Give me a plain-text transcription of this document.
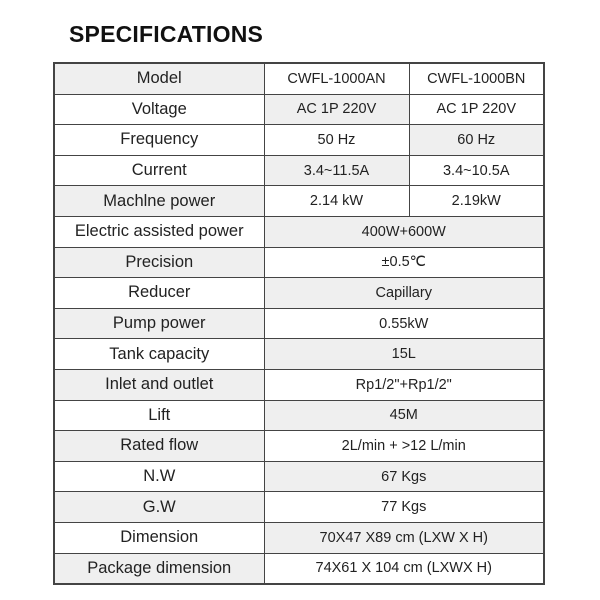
SPECIFICATIONS
Model	CWFL-1000AN	CWFL-1000BN
Voltage	AC 1P 220V	AC 1P 220V
Frequency	50 Hz	60 Hz
Current	3.4~11.5A	3.4~10.5A
Machlne power	2.14 kW	2.19kW
Electric assisted power	400W+600W	
Precision	±0.5℃	
Reducer	Capillary	
Pump power	0.55kW	
Tank capacity	15L	
Inlet and outlet	Rp1/2"+Rp1/2"	
Lift	45M	
Rated flow	2L/min + >12 L/min	
N.W	67 Kgs	
G.W	77 Kgs	
Dimension	70X47 X89 cm (LXW X H)	
Package dimension	74X61 X 104 cm (LXWX H)	
